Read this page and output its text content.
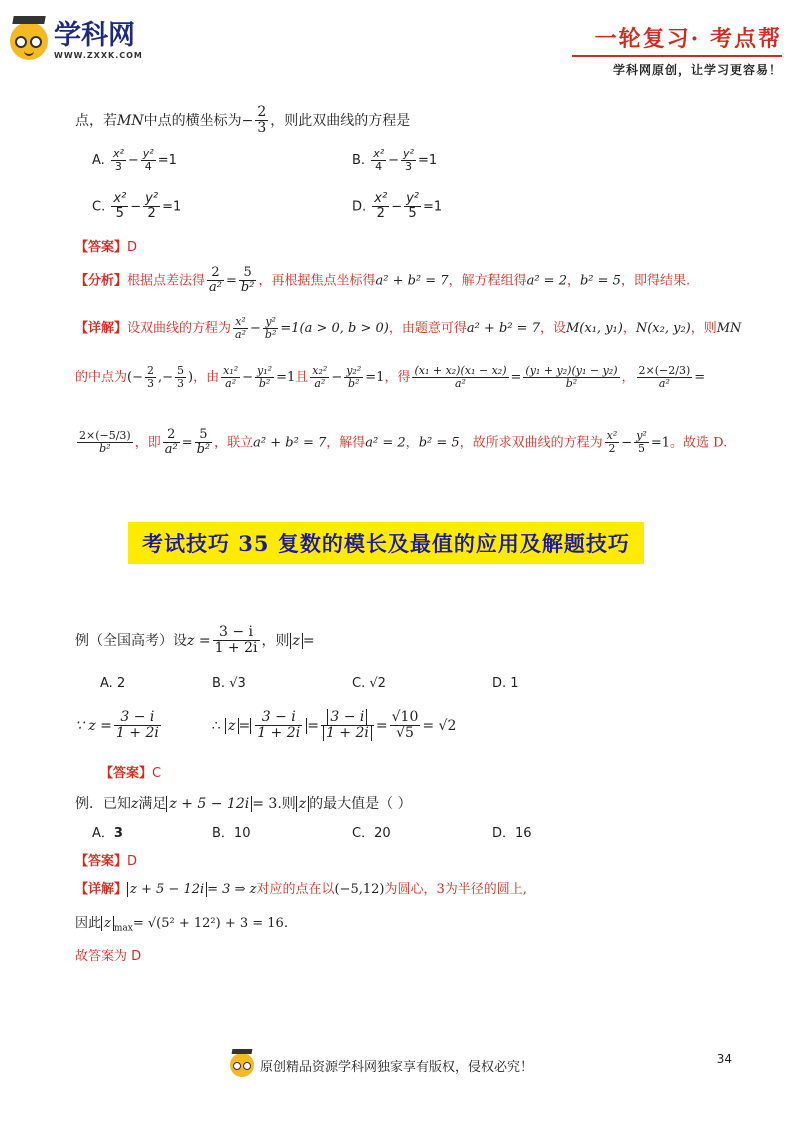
学科网
WWW.ZXXK.COM
一轮复习· 考点帮
学科网原创，让学习更容易！
点，若MN中点的横坐标为− $\frac{2}{3}$ ，则此双曲线的方程是
A. $\frac{\text{x²}}{3} - \frac{\text{y²}}{4} =1$	B. $\frac{\text{x²}}{4} - \frac{\text{y²}}{3} =1$
C. $\frac{\text{x²}}{5} - \frac{\text{y²}}{2} =1$	D. $\frac{\text{x²}}{2} - \frac{\text{y²}}{5} =1$
【答案】D
【分析】根据点差法得 $\frac{2}{\text{a²}} = \frac{5}{\text{b²}}$ ，再根据焦点坐标得a² + b² = 7，解方程组得a² = 2，b² = 5，即得结果.
【详解】设双曲线的方程为 $\frac{\text{x²}}{\text{a²}} - \frac{\text{y²}}{\text{b²}} =1(a > 0$, b > 0)，由题意可得a² + b² = 7，设M(x₁, y₁)，N(x₂, y₂)，则MN
的中点为(− $\frac{2}{3}$ ,− $\frac{5}{3}$ )，由 $\frac{\text{x₁²}}{\text{a²}} - \frac{\text{y₁²}}{\text{b²}} =1$且 $\frac{\text{x₂²}}{\text{a²}} - \frac{\text{y₂²}}{\text{b²}} =1$，得 $\frac{\text{(x₁ + x₂)(x₁ − x₂)}}{\text{a²}} = \frac{\text{(y₁ + y₂)(y₁ − y₂)}}{\text{b²}}$ ， $\frac{2\times(-2/3)}{\text{a²}}$ =
$\frac{2\times(-5/3)}{\text{b²}}$ ，即 $\frac{2}{\text{a²}} = \frac{5}{\text{b²}}$ ，联立a² + b² = 7，解得a² = 2，b² = 5，故所求双曲线的方程为 $\frac{\text{x²}}{2} - \frac{\text{y²}}{5} =1$。故选 D.
考试技巧 35 复数的模长及最值的应用及解题技巧
例（全国高考）设$z = \frac{3 - i}{1 + 2i}$ ，则 z =
A. 2	B. √3	C. √2	D. 1
∵ $z = \frac{3 - i}{1 + 2i}$	∴ $z = \frac{3 - i}{1 + 2i} = \frac{3 - i}{1 + 2i} = \frac{√10}{√5} = √2$
【答案】C
例．已知z满足 z + 5 − 12i = 3.则 z 的最大值是（ ）
A．3	B．10	C．20	D．16
【答案】D
【详解】 z + 5 − 12i = 3 ⇒ z对应的点在以(−5,12)为圆心，3为半径的圆上,
因此 z $_{max}$= √(5² + 12²) + 3 = 16.
故答案为 D
34
原创精品资源学科网独家享有版权，侵权必究！
